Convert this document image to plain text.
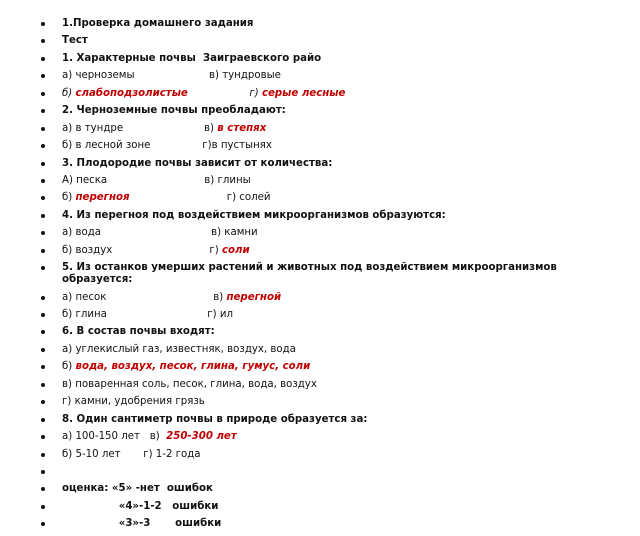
1.Проверка домашнего задания
Тест
1. Характерные почвы  Заиграевского райо
а) черноземы                       в) тундровые
б) слабоподзолистые                   г) серые лесные
2. Черноземные почвы преобладают:
а) в тундре                         в) в степях
б) в лесной зоне                г)в пустынях
3. Плодородие почвы зависит от количества:
А) песка                              в) глины
б) перегноя                              г) солей
4. Из перегноя под воздействием микроорганизмов образуются:
а) вода                                  в) камни
б) воздух                              г) соли
5. Из останков умерших растений и животных под воздействием микроорганизмов образуется:
а) песок                                 в) перегной
б) глина                               г) ил
6. В состав почвы входят:
а) углекислый газ, известняк, воздух, вода
б) вода, воздух, песок, глина, гумус, соли
в) поваренная соль, песок, глина, вода, воздух
г) камни, удобрения грязь
8. Один сантиметр почвы в природе образуется за:
а) 100-150 лет   в)  250-300 лет
б) 5-10 лет       г) 1-2 года
оценка: «5» -нет  ошибок
«4»-1-2   ошибки
«3»-3       ошибки
